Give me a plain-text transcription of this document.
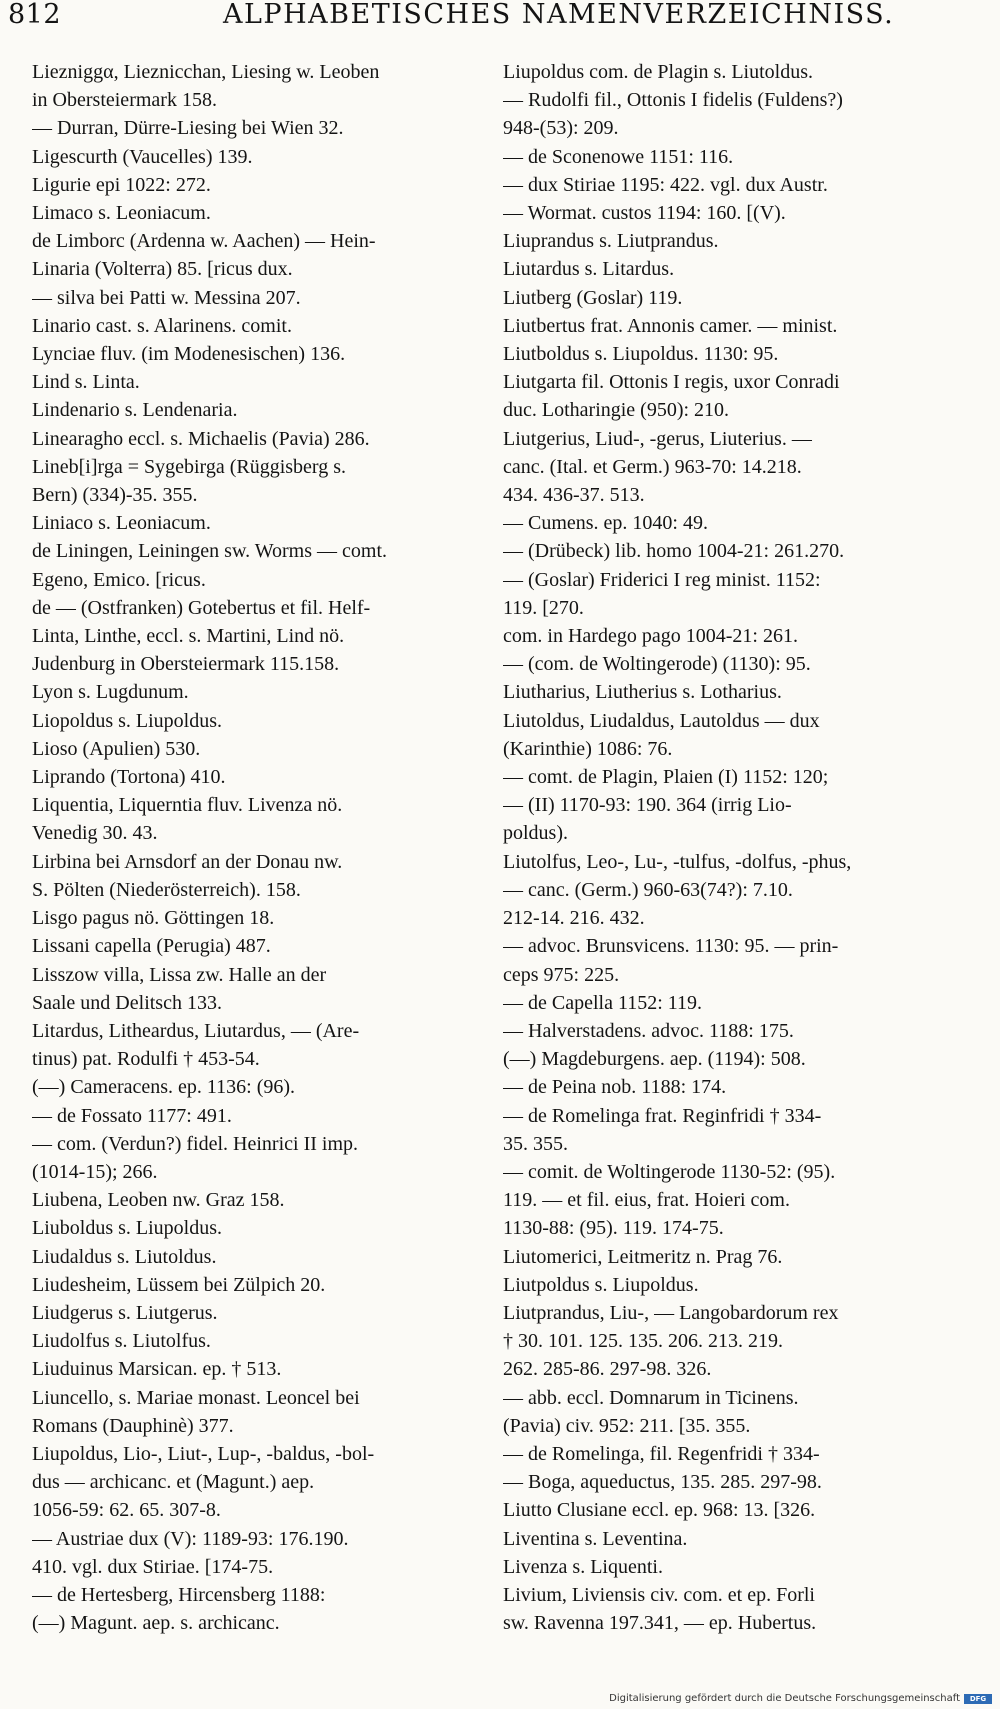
812	ALPHABETISCHES NAMENVERZEICHNISS.
Liezniggα, Lieznicchan, Liesing w. Leoben
in Obersteiermark 158.
— Durran, Dürre-Liesing bei Wien 32.
Ligescurth (Vaucelles) 139.
Ligurie epi 1022: 272.
Limaco s. Leoniacum.
de Limborc (Ardenna w. Aachen) — Hein-
Linaria (Volterra) 85. [ricus dux.
— silva bei Patti w. Messina 207.
Linario cast. s. Alarinens. comit.
Lynciae fluv. (im Modenesischen) 136.
Lind s. Linta.
Lindenario s. Lendenaria.
Linearagho eccl. s. Michaelis (Pavia) 286.
Lineb[i]rga = Sygebirga (Rüggisberg s.
Bern) (334)-35. 355.
Liniaco s. Leoniacum.
de Liningen, Leiningen sw. Worms — comt.
Egeno, Emico. [ricus.
de — (Ostfranken) Gotebertus et fil. Helf-
Linta, Linthe, eccl. s. Martini, Lind nö.
Judenburg in Obersteiermark 115.158.
Lyon s. Lugdunum.
Liopoldus s. Liupoldus.
Lioso (Apulien) 530.
Liprando (Tortona) 410.
Liquentia, Liquerntia fluv. Livenza nö.
Venedig 30. 43.
Lirbina bei Arnsdorf an der Donau nw.
S. Pölten (Niederösterreich). 158.
Lisgo pagus nö. Göttingen 18.
Lissani capella (Perugia) 487.
Lisszow villa, Lissa zw. Halle an der
Saale und Delitsch 133.
Litardus, Litheardus, Liutardus, — (Are-
tinus) pat. Rodulfi † 453-54.
(—) Cameracens. ep. 1136: (96).
— de Fossato 1177: 491.
— com. (Verdun?) fidel. Heinrici II imp.
(1014-15); 266.
Liubena, Leoben nw. Graz 158.
Liuboldus s. Liupoldus.
Liudaldus s. Liutoldus.
Liudesheim, Lüssem bei Zülpich 20.
Liudgerus s. Liutgerus.
Liudolfus s. Liutolfus.
Liuduinus Marsican. ep. † 513.
Liuncello, s. Mariae monast. Leoncel bei
Romans (Dauphinè) 377.
Liupoldus, Lio-, Liut-, Lup-, -baldus, -bol-
dus — archicanc. et (Magunt.) aep.
1056-59: 62. 65. 307-8.
— Austriae dux (V): 1189-93: 176.190.
410. vgl. dux Stiriae. [174-75.
— de Hertesberg, Hircensberg 1188:
(—) Magunt. aep. s. archicanc.
Liupoldus com. de Plagin s. Liutoldus.
— Rudolfi fil., Ottonis I fidelis (Fuldens?)
948-(53): 209.
— de Sconenowe 1151: 116.
— dux Stiriae 1195: 422. vgl. dux Austr.
— Wormat. custos 1194: 160. [(V).
Liuprandus s. Liutprandus.
Liutardus s. Litardus.
Liutberg (Goslar) 119.
Liutbertus frat. Annonis camer. — minist.
Liutboldus s. Liupoldus. 1130: 95.
Liutgarta fil. Ottonis I regis, uxor Conradi
duc. Lotharingie (950): 210.
Liutgerius, Liud-, -gerus, Liuterius. —
canc. (Ital. et Germ.) 963-70: 14.218.
434. 436-37. 513.
— Cumens. ep. 1040: 49.
— (Drübeck) lib. homo 1004-21: 261.270.
— (Goslar) Friderici I reg minist. 1152:
119. [270.
com. in Hardego pago 1004-21: 261.
— (com. de Woltingerode) (1130): 95.
Liutharius, Liutherius s. Lotharius.
Liutoldus, Liudaldus, Lautoldus — dux
(Karinthie) 1086: 76.
— comt. de Plagin, Plaien (I) 1152: 120;
— (II) 1170-93: 190. 364 (irrig Lio-
poldus).
Liutolfus, Leo-, Lu-, -tulfus, -dolfus, -phus,
— canc. (Germ.) 960-63(74?): 7.10.
212-14. 216. 432.
— advoc. Brunsvicens. 1130: 95. — prin-
ceps 975: 225.
— de Capella 1152: 119.
— Halverstadens. advoc. 1188: 175.
(—) Magdeburgens. aep. (1194): 508.
— de Peina nob. 1188: 174.
— de Romelinga frat. Reginfridi † 334-
35. 355.
— comit. de Woltingerode 1130-52: (95).
119. — et fil. eius, frat. Hoieri com.
1130-88: (95). 119. 174-75.
Liutomerici, Leitmeritz n. Prag 76.
Liutpoldus s. Liupoldus.
Liutprandus, Liu-, — Langobardorum rex
† 30. 101. 125. 135. 206. 213. 219.
262. 285-86. 297-98. 326.
— abb. eccl. Domnarum in Ticinens.
(Pavia) civ. 952: 211. [35. 355.
— de Romelinga, fil. Regenfridi † 334-
— Boga, aqueductus, 135. 285. 297-98.
Liutto Clusiane eccl. ep. 968: 13. [326.
Liventina s. Leventina.
Livenza s. Liquenti.
Livium, Liviensis civ. com. et ep. Forli
sw. Ravenna 197.341, — ep. Hubertus.
Digitalisierung gefördert durch die Deutsche Forschungsgemeinschaft	DFG
